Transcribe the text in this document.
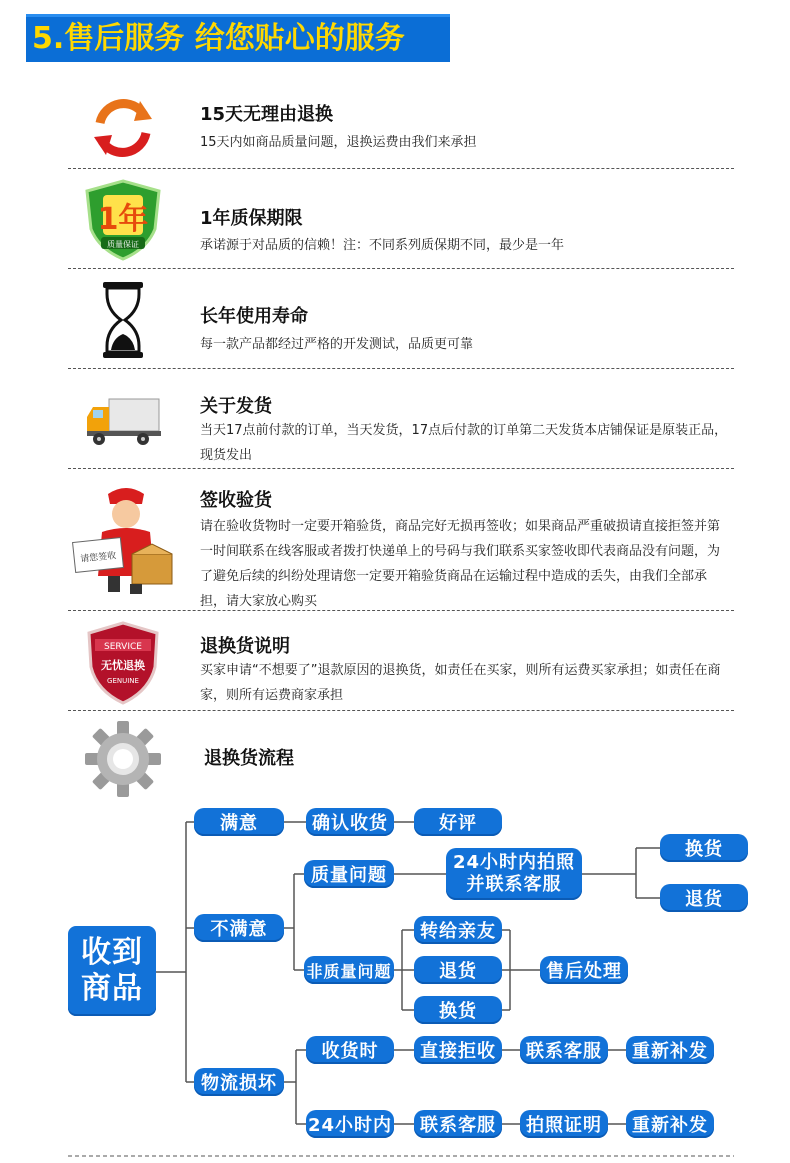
5.售后服务 给您贴心的服务
15天无理由退换
15天内如商品质量问题，退换运费由我们来承担
1年
质量保证
1年质保期限
承诺源于对品质的信赖！注：不同系列质保期不同，最少是一年
长年使用寿命
每一款产品都经过严格的开发测试，品质更可靠
关于发货
当天17点前付款的订单，当天发货，17点后付款的订单第二天发货本店铺保证是原装正品，现货发出
请您签收
签收验货
请在验收货物时一定要开箱验货，商品完好无损再签收；如果商品严重破损请直接拒签并第一时间联系在线客服或者拨打快递单上的号码与我们联系买家签收即代表商品没有问题，为了避免后续的纠纷处理请您一定要开箱验货商品在运输过程中造成的丢失，由我们全部承担，请大家放心购买
SERVICE
无忧退换
GENUINE
退换货说明
买家申请“不想要了”退款原因的退换货，如责任在买家，则所有运费买家承担；如责任在商家，则所有运费商家承担
退换货流程
收到
商品
满意	确认收货	好评
不满意
质量问题
24小时内拍照
并联系客服
换货
退货
非质量问题
转给亲友
退货
换货
售后处理
物流损坏
收货时	直接拒收	联系客服	重新补发
24小时内	联系客服	拍照证明	重新补发
